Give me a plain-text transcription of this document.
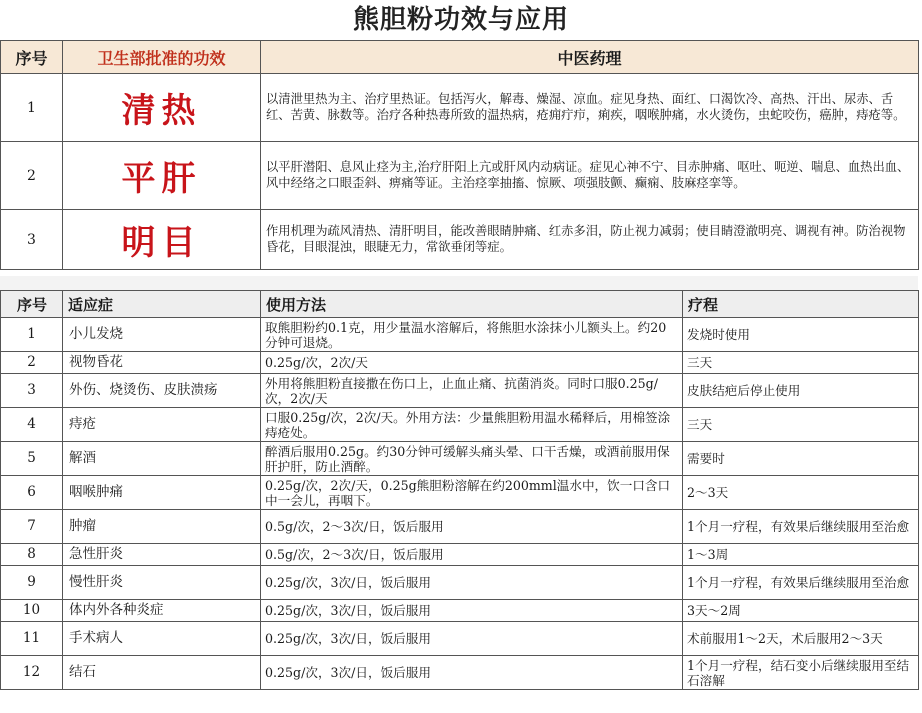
熊胆粉功效与应用
序号	卫生部批准的功效	中医药理
1	清热	以清泄里热为主、治疗里热证。包括泻火，解毒、燥湿、凉血。症见身热、面红、口渴饮冷、高热、汗出、尿赤、舌红、苦黄、脉数等。治疗各种热毒所致的温热病，疮痈疔疖，痢疾，咽喉肿痛，水火烫伤，虫蛇咬伤，癌肿，痔疮等。
2	平肝	以平肝潜阳、息风止痉为主,治疗肝阳上亢或肝风内动病证。症见心神不宁、目赤肿痛、呕吐、呃逆、喘息、血热出血、风中经络之口眼歪斜、痹痛等证。主治痉挛抽搐、惊厥、项强肢颤、癫痫、肢麻痉挛等。
3	明目	作用机理为疏风清热、清肝明目，能改善眼睛肿痛、红赤多泪，防止视力减弱；使目睛澄澈明亮、调视有神。防治视物昏花，目眼混浊，眼睫无力，常欲垂闭等症。
序号	适应症	使用方法	疗程
1	小儿发烧	取熊胆粉约0.1克，用少量温水溶解后，将熊胆水涂抹小儿额头上。约20分钟可退烧。	发烧时使用
2	视物昏花	0.25g/次，2次/天	三天
3	外伤、烧烫伤、皮肤溃疡	外用将熊胆粉直接撒在伤口上，止血止痛、抗菌消炎。同时口服0.25g/次，2次/天	皮肤结疤后停止使用
4	痔疮	口服0.25g/次，2次/天。外用方法：少量熊胆粉用温水稀释后，用棉签涂痔疮处。	三天
5	解酒	醉酒后服用0.25g。约30分钟可缓解头痛头晕、口干舌燥，或酒前服用保肝护肝，防止酒醉。	需要时
6	咽喉肿痛	0.25g/次，2次/天，0.25g熊胆粉溶解在约200mml温水中，饮一口含口中一会儿，再咽下。	2～3天
7	肿瘤	0.5g/次，2～3次/日，饭后服用	1个月一疗程，有效果后继续服用至治愈
8	急性肝炎	0.5g/次，2～3次/日，饭后服用	1～3周
9	慢性肝炎	0.25g/次，3次/日，饭后服用	1个月一疗程，有效果后继续服用至治愈
10	体内外各种炎症	0.25g/次，3次/日，饭后服用	3天～2周
11	手术病人	0.25g/次，3次/日，饭后服用	术前服用1～2天，术后服用2～3天
12	结石	0.25g/次，3次/日，饭后服用	1个月一疗程，结石变小后继续服用至结石溶解
